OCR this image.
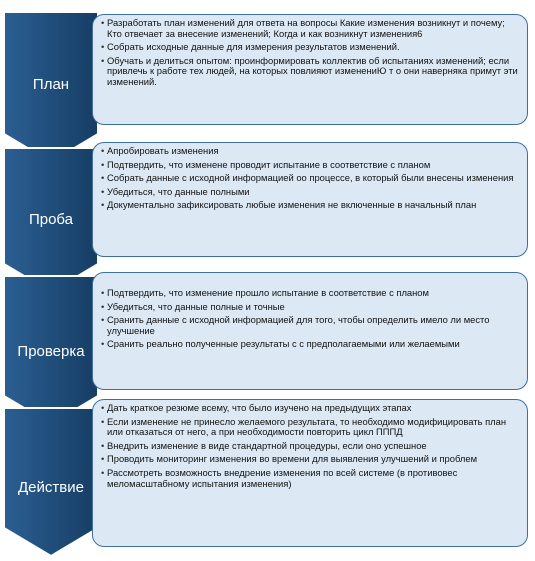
План
Проба
Проверка
Действие
• Разработать план изменений для ответа на вопросы Какие изменения возникнут и почему; Кто отвечает за внесение изменений; Когда и как возникнут изменения6
• Собрать исходные данные для измерения результатов изменений.
• Обучать и делиться опытом: проинформировать коллектив об испытаниях изменений; если привлечь к работе тех людей, на которых повлияют изменениЮ т о они наверняка примут эти изменений.
• Апробировать изменения
• Подтвердить, что изменене проводит испытание в соответствие с планом
• Собрать данные с исходной информацией оо процессе, в который были внесены изменения
• Убедиться, что данные полными
• Документально зафиксировать любые изменения не включенные в начальный план
• Подтвердить, что изменение прошло испытание в соответствие с планом
• Убедиться, что данные полные и точные
• Сранить данные с исходной информацией для того, чтобы определить имело ли место улучшение
• Сранить реально полученные результаты с с предполагаемыми или желаемыми
• Дать краткое резюме всему, что было изучено на предыдущих этапах
• Если изменение не принесло желаемого результата, то необходимо модифицировать план или отказаться от него, а при необходимости повторить цикл ПППД
• Внедрить изменение в виде стандартной процедуры, если оно успешное
• Проводить мониторинг изменения во времени для выявления улучшений и проблем
• Рассмотреть возможность внедрение изменения по всей системе (в противовес меломасштабному испытания изменения)
